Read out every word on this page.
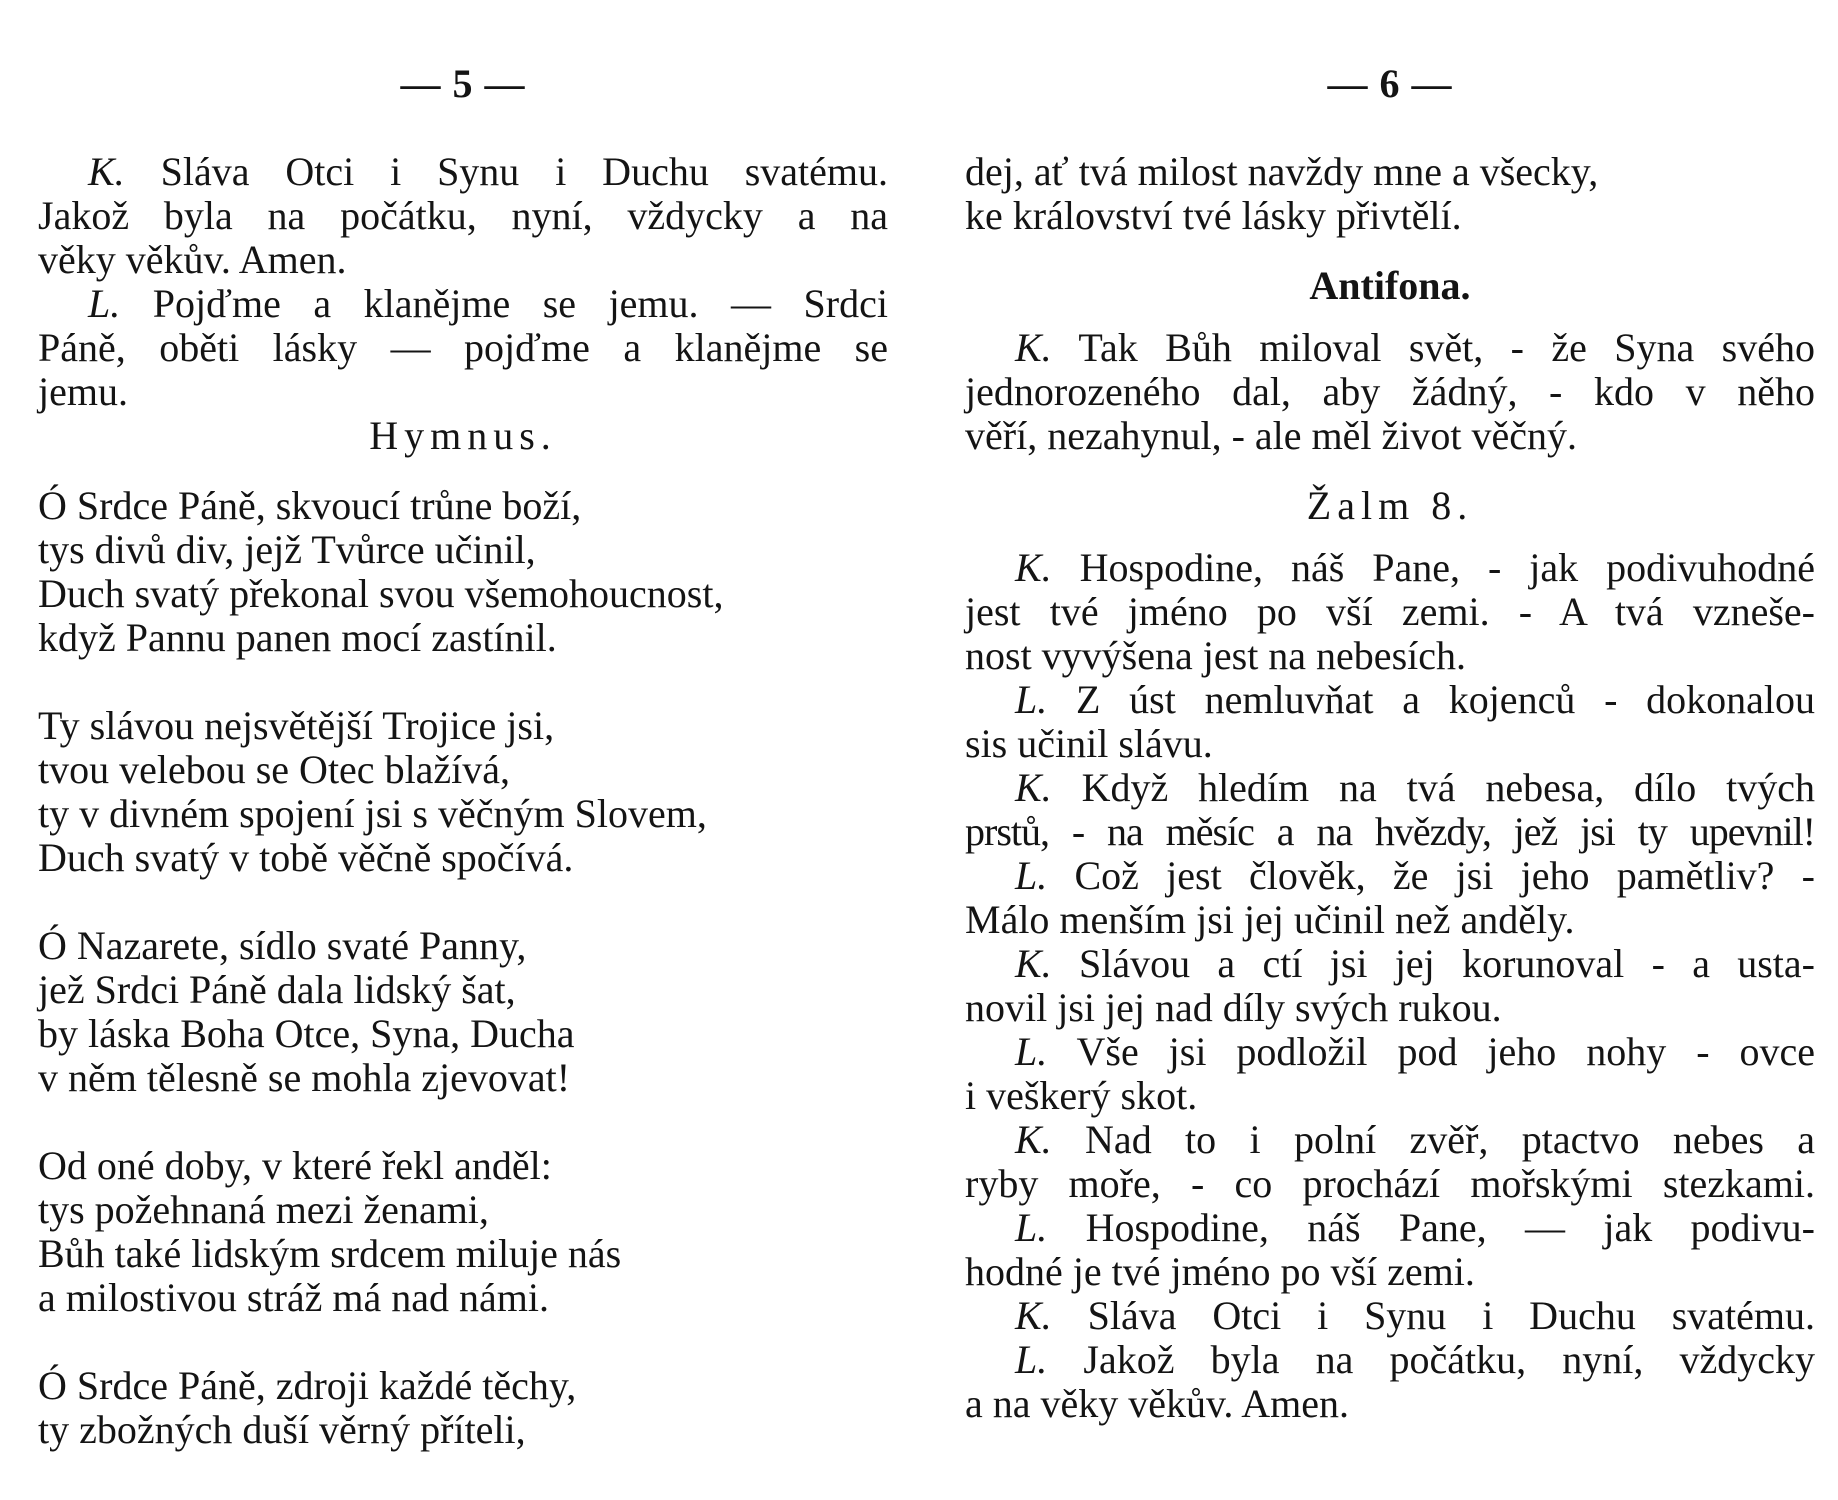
— 5 —
K. Sláva Otci i Synu i Duchu svatému.
Jakož byla na počátku, nyní, vždycky a na
věky věkův. Amen.
L. Pojďme a klanějme se jemu. — Srdci
Páně, oběti lásky — pojďme a klanějme se
jemu.
Hymnus.
Ó Srdce Páně, skvoucí trůne boží,
tys divů div, jejž Tvůrce učinil,
Duch svatý překonal svou všemohoucnost,
když Pannu panen mocí zastínil.
Ty slávou nejsvětější Trojice jsi,
tvou velebou se Otec blažívá,
ty v divném spojení jsi s věčným Slovem,
Duch svatý v tobě věčně spočívá.
Ó Nazarete, sídlo svaté Panny,
jež Srdci Páně dala lidský šat,
by láska Boha Otce, Syna, Ducha
v něm tělesně se mohla zjevovat!
Od oné doby, v které řekl anděl:
tys požehnaná mezi ženami,
Bůh také lidským srdcem miluje nás
a milostivou stráž má nad námi.
Ó Srdce Páně, zdroji každé těchy,
ty zbožných duší věrný příteli,
— 6 —
dej, ať tvá milost navždy mne a všecky,
ke království tvé lásky přivtělí.
Antifona.
K. Tak Bůh miloval svět, - že Syna svého
jednorozeného dal, aby žádný, - kdo v něho
věří, nezahynul, - ale měl život věčný.
Žalm 8.
K. Hospodine, náš Pane, - jak podivuhodné
jest tvé jméno po vší zemi. - A tvá vzneše-
nost vyvýšena jest na nebesích.
L. Z úst nemluvňat a kojenců - dokonalou
sis učinil slávu.
K. Když hledím na tvá nebesa, dílo tvých
prstů, - na měsíc a na hvězdy, jež jsi ty upevnil!
L. Což jest člověk, že jsi jeho pamětliv? -
Málo menším jsi jej učinil než anděly.
K. Slávou a ctí jsi jej korunoval - a usta-
novil jsi jej nad díly svých rukou.
L. Vše jsi podložil pod jeho nohy - ovce
i veškerý skot.
K. Nad to i polní zvěř, ptactvo nebes a
ryby moře, - co prochází mořskými stezkami.
L. Hospodine, náš Pane, — jak podivu-
hodné je tvé jméno po vší zemi.
K. Sláva Otci i Synu i Duchu svatému.
L. Jakož byla na počátku, nyní, vždycky
a na věky věkův. Amen.
